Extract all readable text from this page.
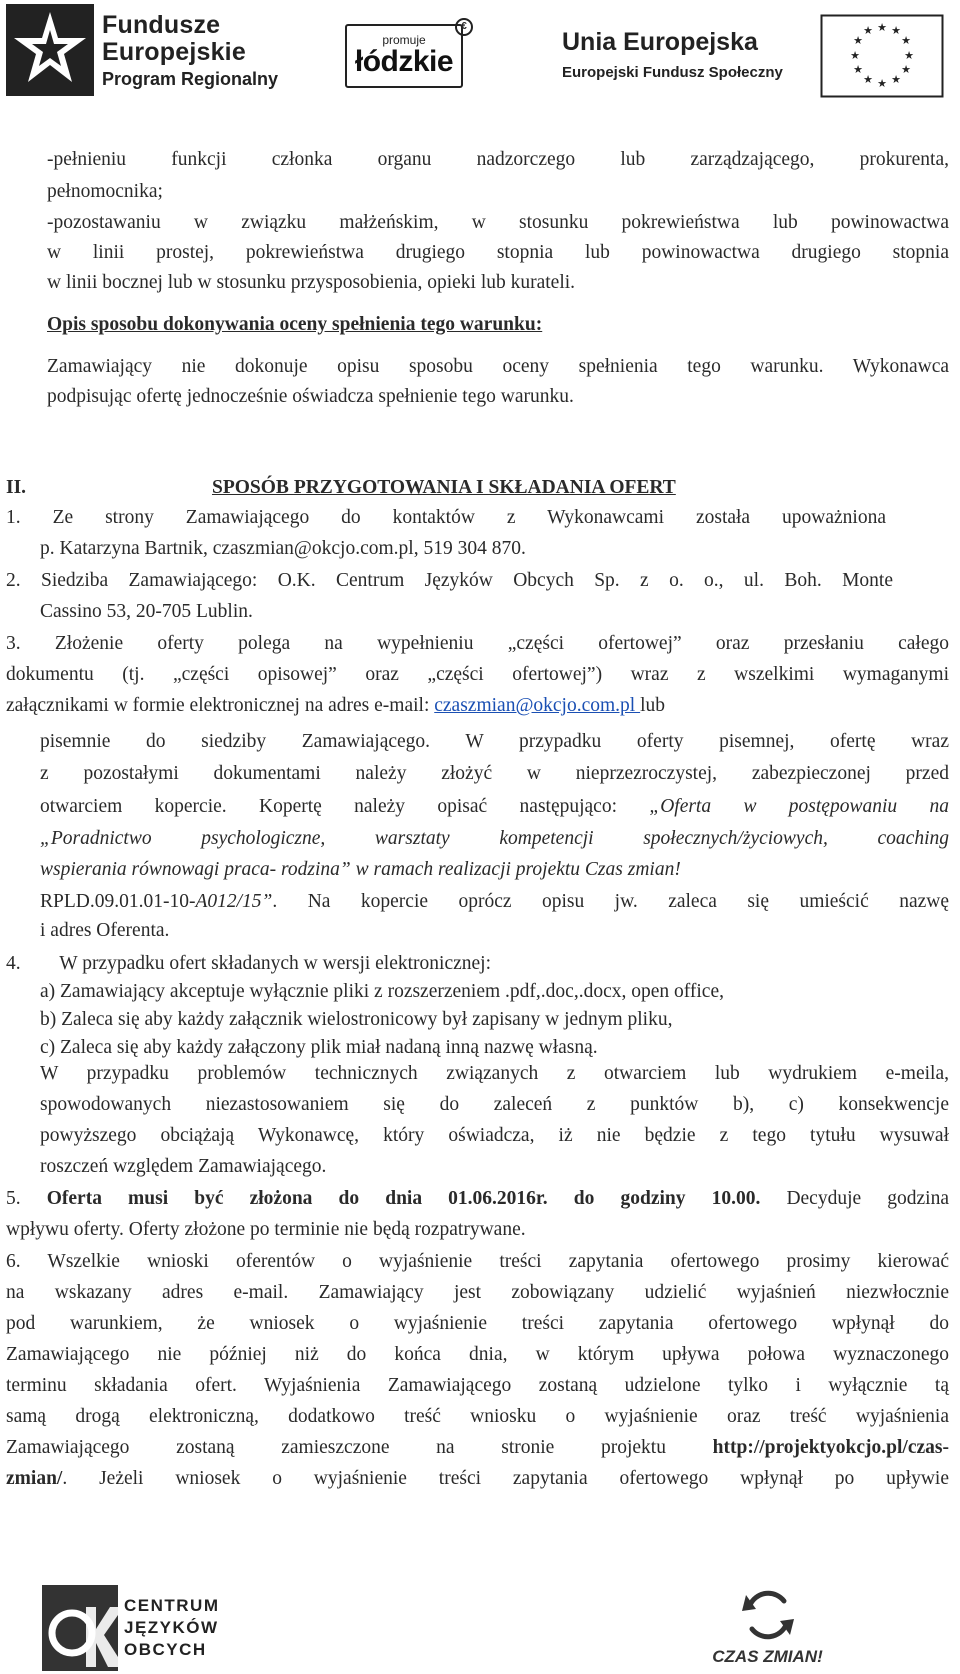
Fundusze
Europejskie
Program Regionalny
promuje
łódzkie
€
Unia Europejska
Europejski Fundusz Społeczny
★ ★
★
★
★
★
★
★
★
★
★
★
-pełnieniu funkcji członka organu nadzorczego lub zarządzającego, prokurenta,
pełnomocnika;
-pozostawaniu w związku małżeńskim, w stosunku pokrewieństwa lub powinowactwa
w linii prostej, pokrewieństwa drugiego stopnia lub powinowactwa drugiego stopnia
w linii bocznej lub w stosunku przysposobienia, opieki lub kurateli.
Opis sposobu dokonywania oceny spełnienia tego warunku:
Zamawiający nie dokonuje opisu sposobu oceny spełnienia tego warunku. Wykonawca
podpisując ofertę jednocześnie oświadcza spełnienie tego warunku.
II.	SPOSÓB PRZYGOTOWANIA I SKŁADANIA OFERT
1. Ze strony Zamawiającego do kontaktów z Wykonawcami została upoważniona
p. Katarzyna Bartnik, czaszmian@okcjo.com.pl, 519 304 870.
2. Siedziba Zamawiającego: O.K. Centrum Języków Obcych Sp. z o. o., ul. Boh. Monte
Cassino 53, 20-705 Lublin.
3. Złożenie oferty polega na wypełnieniu „części ofertowej” oraz przesłaniu całego
dokumentu (tj. „części opisowej” oraz „części ofertowej”) wraz z wszelkimi wymaganymi
załącznikami w formie elektronicznej na adres e-mail: czaszmian@okcjo.com.pl lub
pisemnie do siedziby Zamawiającego. W przypadku oferty pisemnej, ofertę wraz
z pozostałymi dokumentami należy złożyć w nieprzezroczystej, zabezpieczonej przed
otwarciem kopercie. Kopertę należy opisać następująco: „Oferta w postępowaniu na
„Poradnictwo psychologiczne, warsztaty kompetencji społecznych/życiowych, coaching
wspierania równowagi praca- rodzina” w ramach realizacji projektu Czas zmian!
RPLD.09.01.01-10-A012/15”. Na kopercie oprócz opisu jw. zaleca się umieścić nazwę
i adres Oferenta.
4.        W przypadku ofert składanych w wersji elektronicznej:
a) Zamawiający akceptuje wyłącznie pliki z rozszerzeniem .pdf,.doc,.docx, open office,
b) Zaleca się aby każdy załącznik wielostronicowy był zapisany w jednym pliku,
c) Zaleca się aby każdy załączony plik miał nadaną inną nazwę własną.
W przypadku problemów technicznych związanych z otwarciem lub wydrukiem e-meila,
spowodowanych niezastosowaniem się do zaleceń z punktów b), c) konsekwencje
powyższego obciążają Wykonawcę, który oświadcza, iż nie będzie z tego tytułu wysuwał
roszczeń względem Zamawiającego.
5. Oferta musi być złożona do dnia 01.06.2016r. do godziny 10.00. Decyduje godzina
wpływu oferty. Oferty złożone po terminie nie będą rozpatrywane.
6. Wszelkie wnioski oferentów o wyjaśnienie treści zapytania ofertowego prosimy kierować
na wskazany adres e-mail. Zamawiający jest zobowiązany udzielić wyjaśnień niezwłocznie
pod warunkiem, że wniosek o wyjaśnienie treści zapytania ofertowego wpłynął do
Zamawiającego nie później niż do końca dnia, w którym upływa połowa wyznaczonego
terminu składania ofert. Wyjaśnienia Zamawiającego zostaną udzielone tylko i wyłącznie tą
samą drogą elektroniczną, dodatkowo treść wniosku o wyjaśnienie oraz treść wyjaśnienia
Zamawiającego zostaną zamieszczone na stronie projektu http://projektyokcjo.pl/czas-
zmian/. Jeżeli wniosek o wyjaśnienie treści zapytania ofertowego wpłynął po upływie
CENTRUM
JĘZYKÓW
OBCYCH	CZAS ZMIAN!
